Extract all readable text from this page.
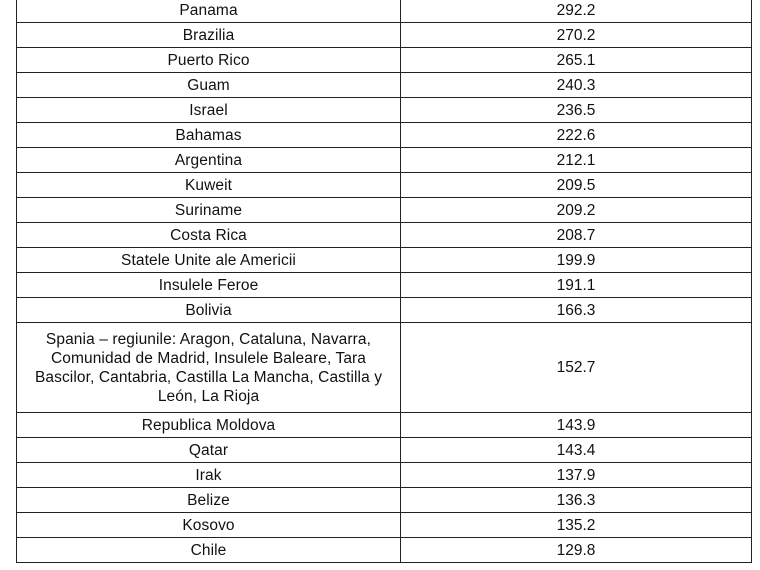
Panama	292.2
Brazilia	270.2
Puerto Rico	265.1
Guam	240.3
Israel	236.5
Bahamas	222.6
Argentina	212.1
Kuweit	209.5
Suriname	209.2
Costa Rica	208.7
Statele Unite ale Americii	199.9
Insulele Feroe	191.1
Bolivia	166.3
Spania – regiunile: Aragon, Cataluna, Navarra, Comunidad de Madrid, Insulele Baleare, Tara Bascilor, Cantabria, Castilla La Mancha, Castilla y León, La Rioja	152.7
Republica Moldova	143.9
Qatar	143.4
Irak	137.9
Belize	136.3
Kosovo	135.2
Chile	129.8
